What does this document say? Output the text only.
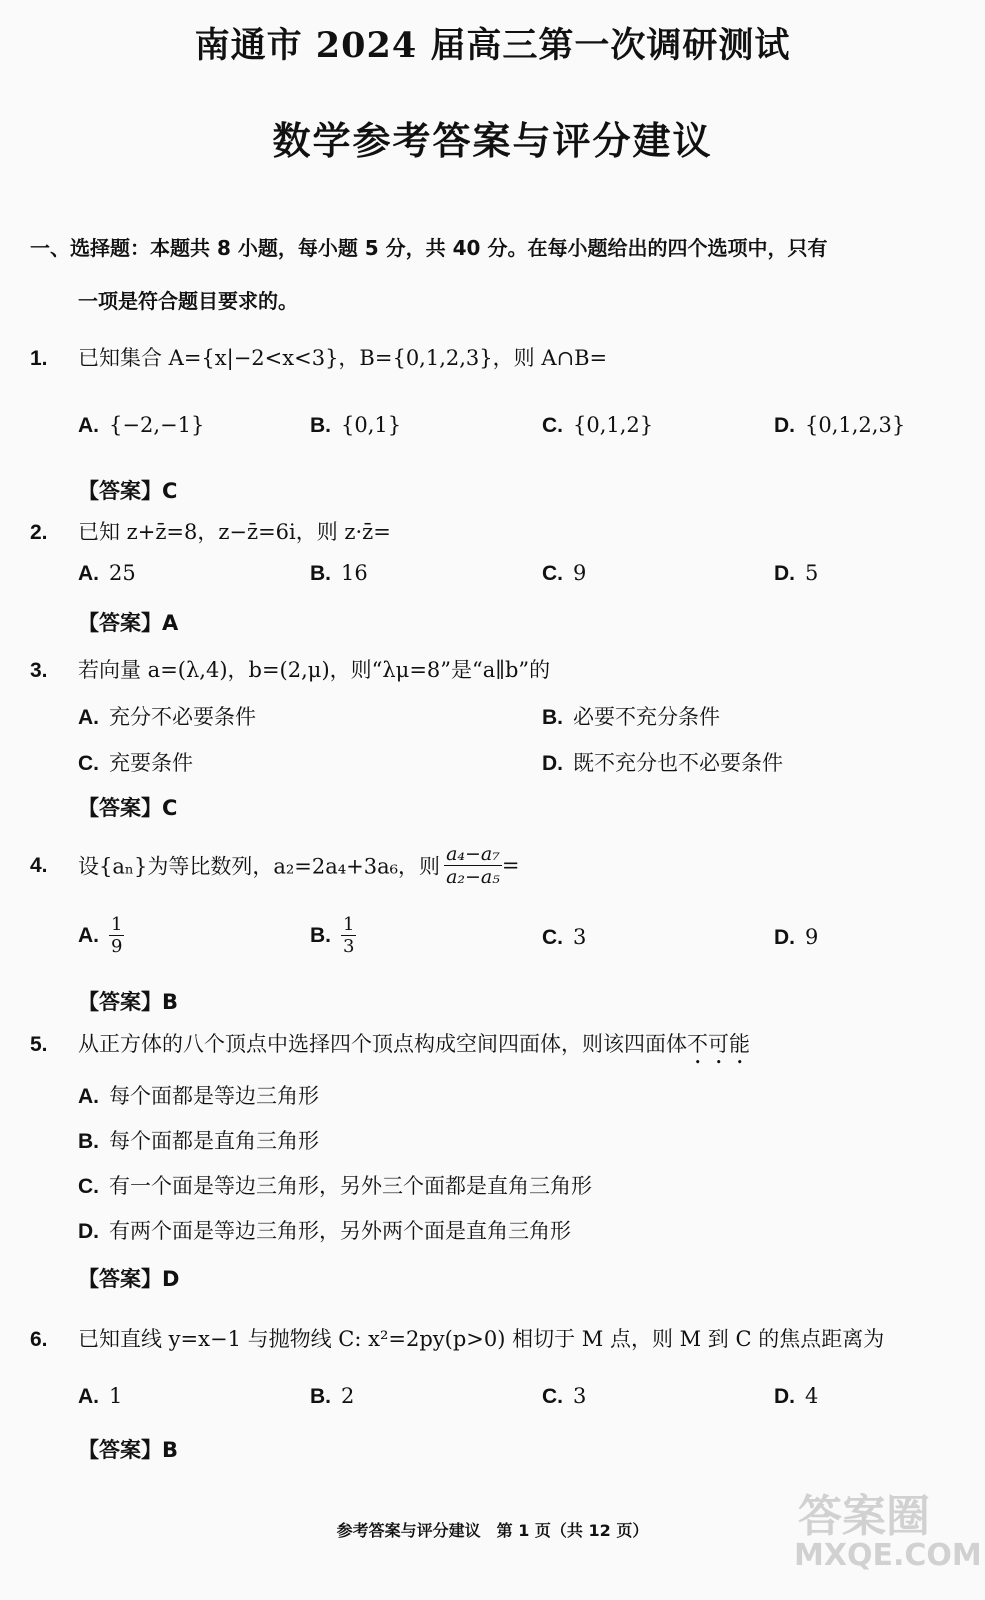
南通市 2024 届高三第一次调研测试
数学参考答案与评分建议
一、选择题：本题共 8 小题，每小题 5 分，共 40 分。在每小题给出的四个选项中，只有
一项是符合题目要求的。
1. 已知集合 A={x|−2<x<3}，B={0,1,2,3}，则 A∩B=
A. {−2,−1}	B. {0,1}	C. {0,1,2}	D. {0,1,2,3}
【答案】C
2. 已知 z+z̄=8，z−z̄=6i，则 z·z̄=
A. 25	B. 16	C. 9	D. 5
【答案】A
3. 若向量 a=(λ,4)，b=(2,μ)，则“λμ=8”是“a∥b”的
A. 充分不必要条件	B. 必要不充分条件
C. 充要条件	D. 既不充分也不必要条件
【答案】C
4. 设{aₙ}为等比数列，a₂=2a₄+3a₆，则 $\frac{\text{a₄−a₇}}{\text{a₂−a₅}}$ =
A. $\frac{1}{9}$	B. $\frac{1}{3}$	C. 3	D. 9
【答案】B
5. 从正方体的八个顶点中选择四个顶点构成空间四面体，则该四面体不可能
A. 每个面都是等边三角形
B. 每个面都是直角三角形
C. 有一个面是等边三角形，另外三个面都是直角三角形
D. 有两个面是等边三角形，另外两个面是直角三角形
【答案】D
6. 已知直线 y=x−1 与抛物线 C: x²=2py(p>0) 相切于 M 点，则 M 到 C 的焦点距离为
A. 1	B. 2	C. 3	D. 4
【答案】B
参考答案与评分建议　第 1 页（共 12 页）	答案圈
MXQE.COM
